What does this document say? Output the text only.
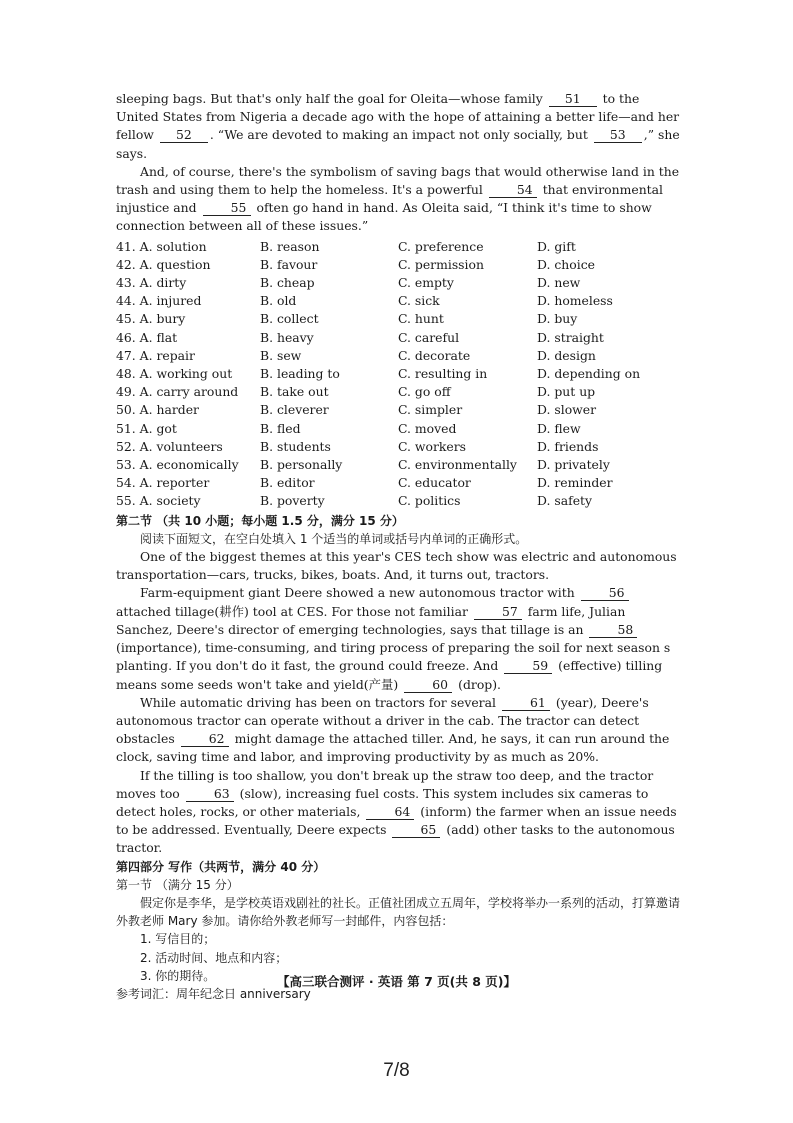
sleeping bags. But that's only half the goal for Oleita—whose family 51 to the United States from Nigeria a decade ago with the hope of attaining a better life—and her fellow 52 . “We are devoted to making an impact not only socially, but 53 ,” she says.

And, of course, there's the symbolism of saving bags that would otherwise land in the trash and using them to help the homeless. It's a powerful	54 that environmental injustice and	55 often go hand in hand. As Oleita said, “I think it's time to show connection between all of these issues.”

41. A. solution	B. reason	C. preference	D. gift
42. A. question	B. favour	C. permission	D. choice
43. A. dirty	B. cheap	C. empty	D. new
44. A. injured	B. old	C. sick	D. homeless
45. A. bury	B. collect	C. hunt	D. buy
46. A. flat	B. heavy	C. careful	D. straight
47. A. repair	B. sew	C. decorate	D. design
48. A. working out	B. leading to	C. resulting in	D. depending on
49. A. carry around	B. take out	C. go off	D. put up
50. A. harder	B. cleverer	C. simpler	D. slower
51. A. got	B. fled	C. moved	D. flew
52. A. volunteers	B. students	C. workers	D. friends
53. A. economically	B. personally	C. environmentally	D. privately
54. A. reporter	B. editor	C. educator	D. reminder
55. A. society	B. poverty	C. politics	D. safety

第二节 （共 10 小题；每小题 1.5 分，满分 15 分）

阅读下面短文，在空白处填入 1 个适当的单词或括号内单词的正确形式。

One of the biggest themes at this year's CES tech show was electric and autonomous transportation—cars, trucks, bikes, boats. And, it turns out, tractors.

Farm-equipment giant Deere showed a new autonomous tractor with	56 attached tillage(耕作) tool at CES. For those not familiar	57 farm life, Julian Sanchez, Deere's director of emerging technologies, says that tillage is an	58 (importance), time-consuming, and tiring process of preparing the soil for next season s planting. If you don't do it fast, the ground could freeze. And	59 (effective) tilling means some seeds won't take and yield(产量)	60 (drop).

While automatic driving has been on tractors for several	61 (year), Deere's autonomous tractor can operate without a driver in the cab. The tractor can detect obstacles	62 might damage the attached tiller. And, he says, it can run around the clock, saving time and labor, and improving productivity by as much as 20%.

If the tilling is too shallow, you don't break up the straw too deep, and the tractor moves too	63 (slow), increasing fuel costs. This system includes six cameras to detect holes, rocks, or other materials,	64 (inform) the farmer when an issue needs to be addressed. Eventually, Deere expects	65 (add) other tasks to the autonomous tractor.

第四部分 写作（共两节，满分 40 分）

第一节 （满分 15 分）

假定你是李华，是学校英语戏剧社的社长。正值社团成立五周年，学校将举办一系列的活动，打算邀请外教老师 Mary 参加。请你给外教老师写一封邮件，内容包括：

1. 写信目的；

2. 活动时间、地点和内容；

3. 你的期待。

参考词汇：周年纪念日 anniversary

【高三联合测评 · 英语 第 7 页(共 8 页)】
7/8
